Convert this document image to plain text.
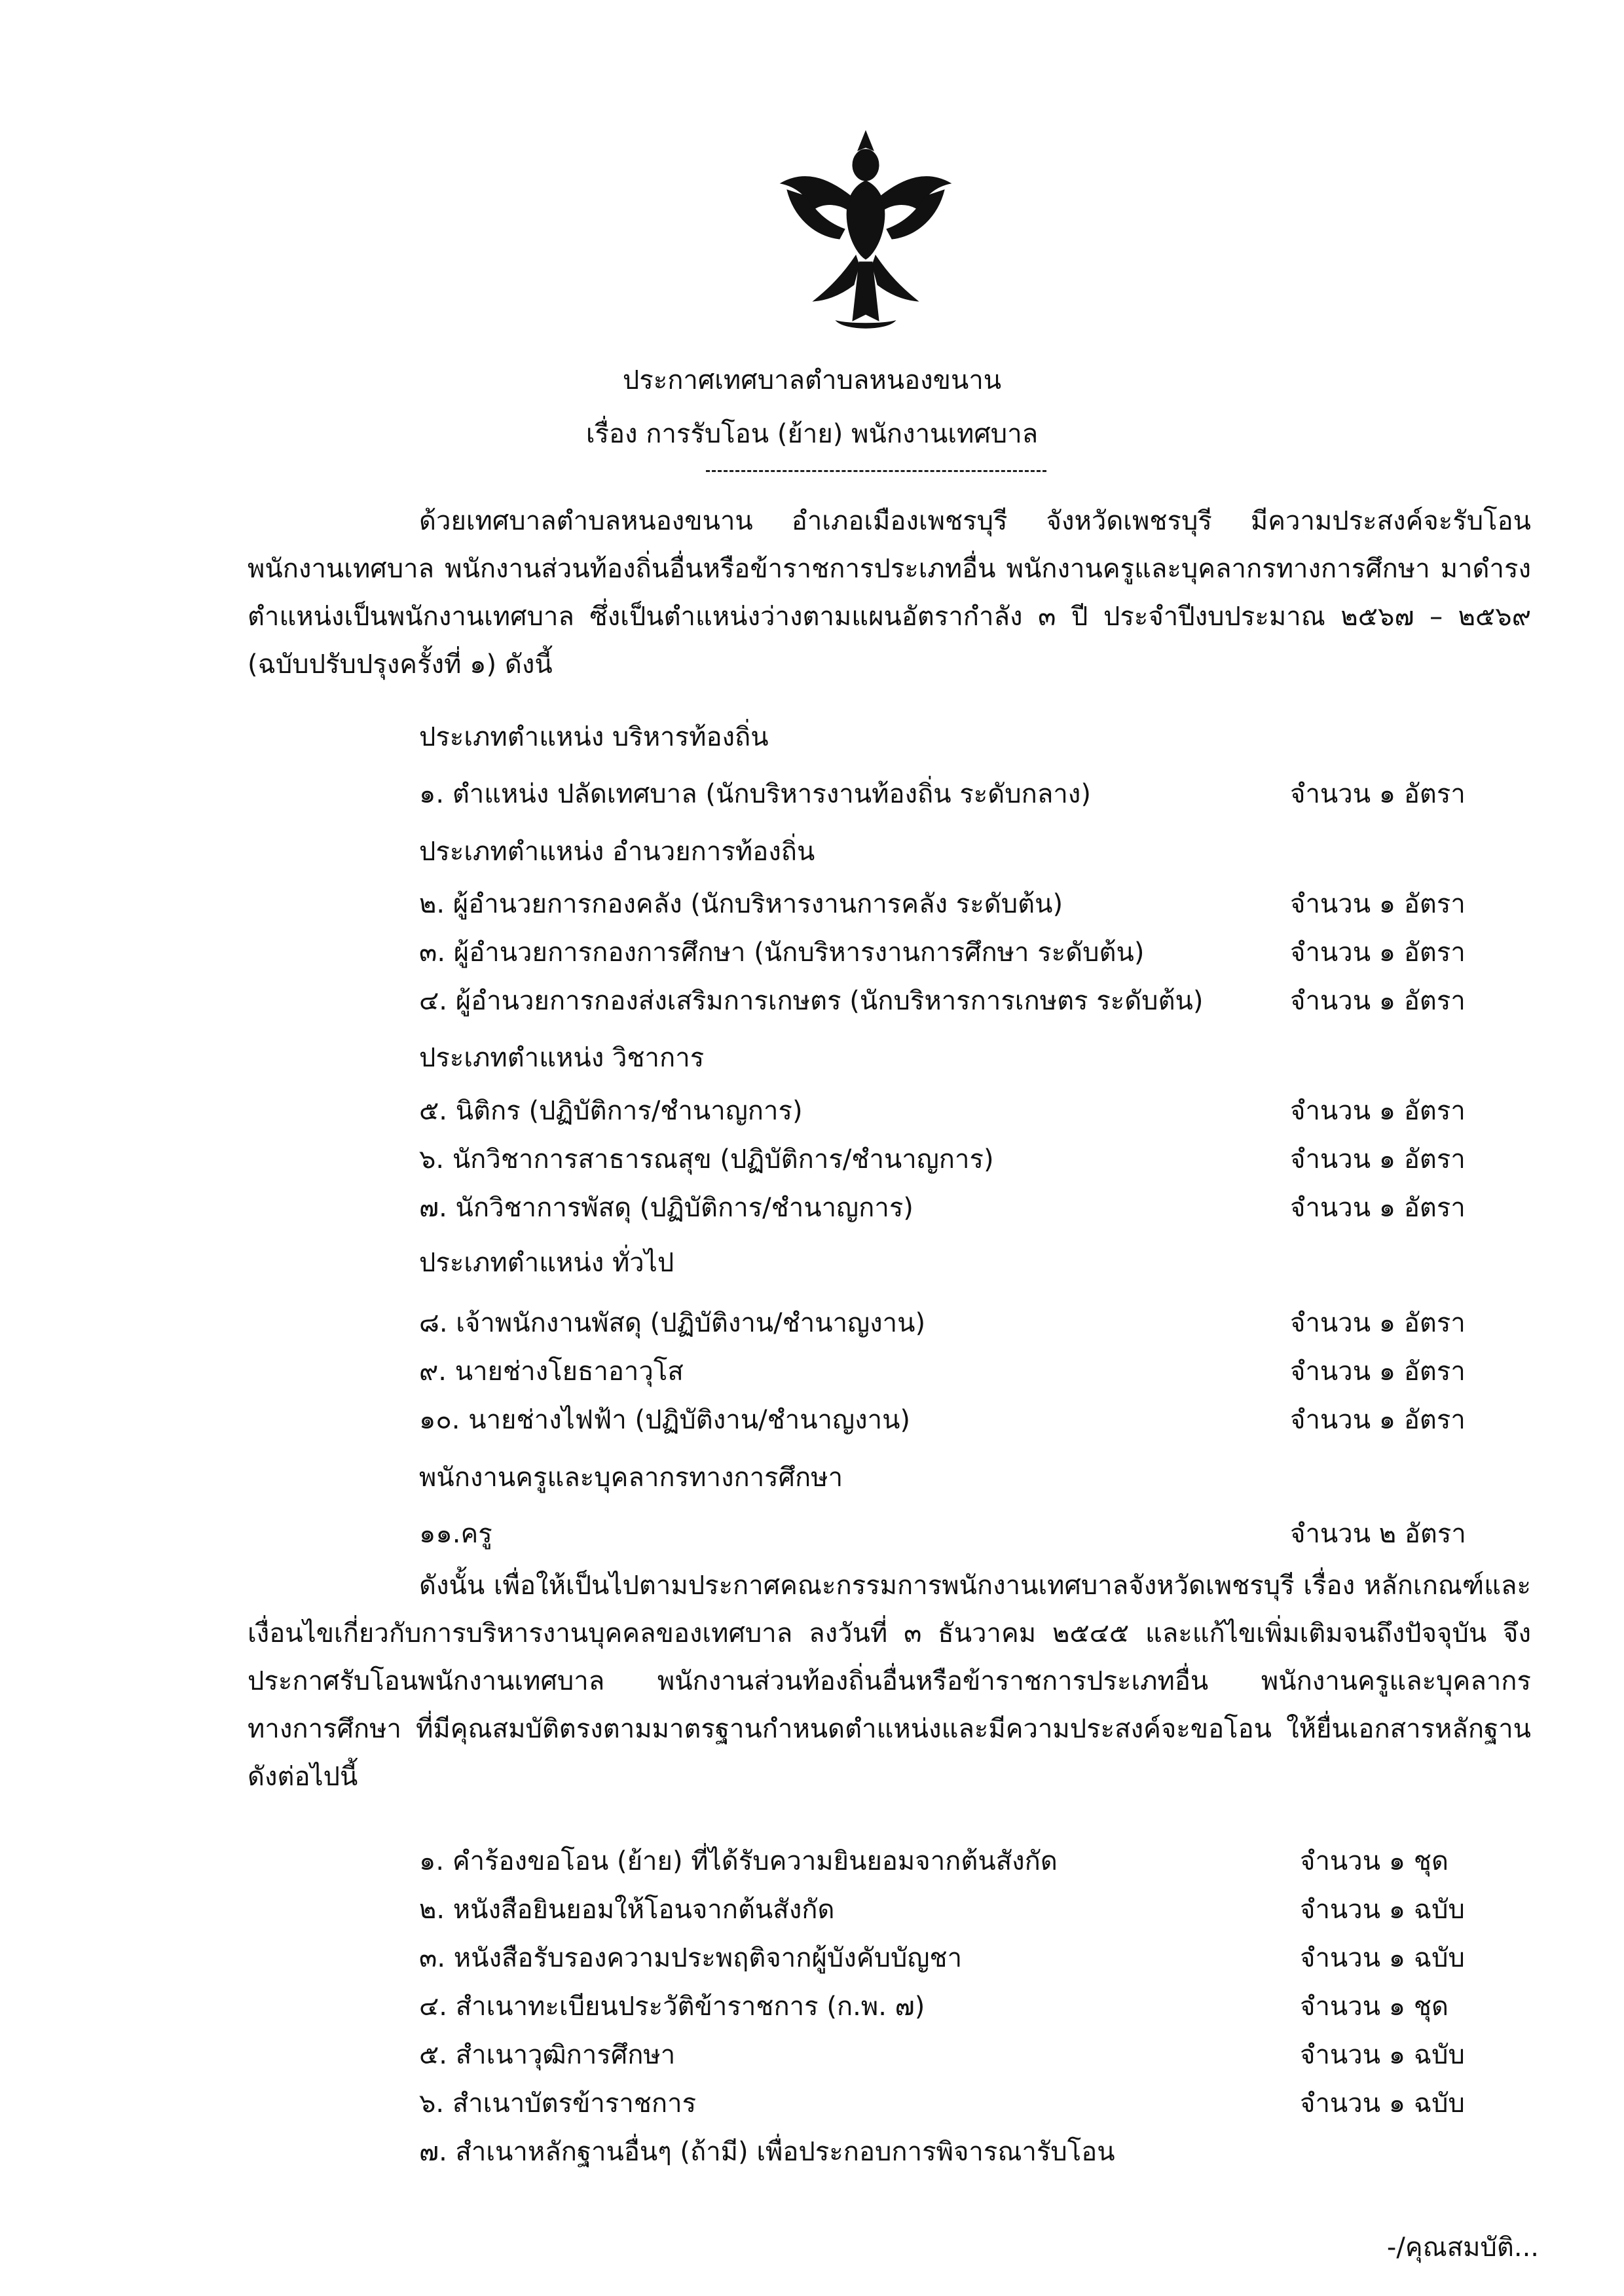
ประกาศเทศบาลตำบลหนองขนาน
เรื่อง การรับโอน (ย้าย) พนักงานเทศบาล
ด้วยเทศบาลตำบลหนองขนาน อำเภอเมืองเพชรบุรี จังหวัดเพชรบุรี มีความประสงค์จะรับโอนพนักงานเทศบาล พนักงานส่วนท้องถิ่นอื่นหรือข้าราชการประเภทอื่น พนักงานครูและบุคลากรทางการศึกษา มาดำรงตำแหน่งเป็นพนักงานเทศบาล ซึ่งเป็นตำแหน่งว่างตามแผนอัตรากำลัง ๓ ปี ประจำปีงบประมาณ ๒๕๖๗ – ๒๕๖๙ (ฉบับปรับปรุงครั้งที่ ๑) ดังนี้
ประเภทตำแหน่ง บริหารท้องถิ่น
๑. ตำแหน่ง ปลัดเทศบาล (นักบริหารงานท้องถิ่น ระดับกลาง)	จำนวน ๑ อัตรา
ประเภทตำแหน่ง อำนวยการท้องถิ่น
๒. ผู้อำนวยการกองคลัง (นักบริหารงานการคลัง ระดับต้น)	จำนวน ๑ อัตรา
๓. ผู้อำนวยการกองการศึกษา (นักบริหารงานการศึกษา ระดับต้น)	จำนวน ๑ อัตรา
๔. ผู้อำนวยการกองส่งเสริมการเกษตร (นักบริหารการเกษตร ระดับต้น)	จำนวน ๑ อัตรา
ประเภทตำแหน่ง วิชาการ
๕. นิติกร (ปฏิบัติการ/ชำนาญการ)	จำนวน ๑ อัตรา
๖. นักวิชาการสาธารณสุข (ปฏิบัติการ/ชำนาญการ)	จำนวน ๑ อัตรา
๗. นักวิชาการพัสดุ (ปฏิบัติการ/ชำนาญการ)	จำนวน ๑ อัตรา
ประเภทตำแหน่ง ทั่วไป
๘. เจ้าพนักงานพัสดุ (ปฏิบัติงาน/ชำนาญงาน)	จำนวน ๑ อัตรา
๙. นายช่างโยธาอาวุโส	จำนวน ๑ อัตรา
๑๐. นายช่างไฟฟ้า (ปฏิบัติงาน/ชำนาญงาน)	จำนวน ๑ อัตรา
พนักงานครูและบุคลากรทางการศึกษา
๑๑.ครู	จำนวน ๒ อัตรา
ดังนั้น เพื่อให้เป็นไปตามประกาศคณะกรรมการพนักงานเทศบาลจังหวัดเพชรบุรี เรื่อง หลักเกณฑ์และเงื่อนไขเกี่ยวกับการบริหารงานบุคคลของเทศบาล ลงวันที่ ๓ ธันวาคม ๒๕๔๕ และแก้ไขเพิ่มเติมจนถึงปัจจุบัน จึงประกาศรับโอนพนักงานเทศบาล พนักงานส่วนท้องถิ่นอื่นหรือข้าราชการประเภทอื่น พนักงานครูและบุคลากรทางการศึกษา ที่มีคุณสมบัติตรงตามมาตรฐานกำหนดตำแหน่งและมีความประสงค์จะขอโอน ให้ยื่นเอกสารหลักฐานดังต่อไปนี้
๑. คำร้องขอโอน (ย้าย) ที่ได้รับความยินยอมจากต้นสังกัด	จำนวน ๑ ชุด
๒. หนังสือยินยอมให้โอนจากต้นสังกัด	จำนวน ๑ ฉบับ
๓. หนังสือรับรองความประพฤติจากผู้บังคับบัญชา	จำนวน ๑ ฉบับ
๔. สำเนาทะเบียนประวัติข้าราชการ (ก.พ. ๗)	จำนวน ๑ ชุด
๕. สำเนาวุฒิการศึกษา	จำนวน ๑ ฉบับ
๖. สำเนาบัตรข้าราชการ	จำนวน ๑ ฉบับ
๗. สำเนาหลักฐานอื่นๆ (ถ้ามี) เพื่อประกอบการพิจารณารับโอน
-/คุณสมบัติ...
